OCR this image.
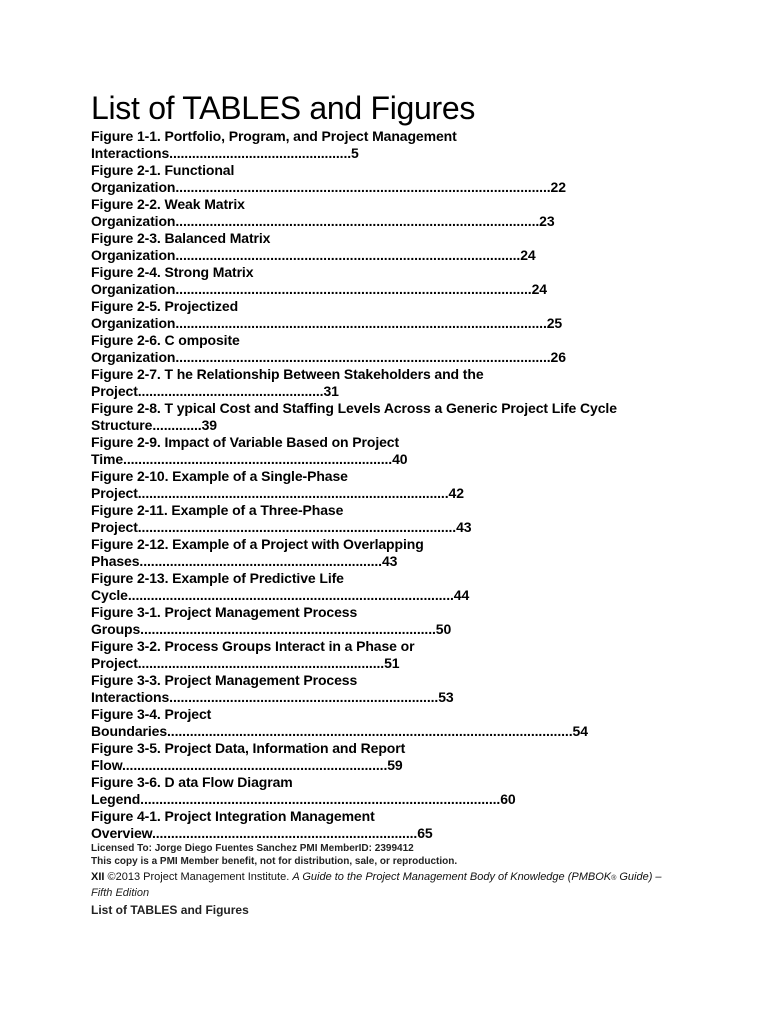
List of TABLES and Figures
Figure 1-1. Portfolio, Program, and Project Management
Interactions................................................5
Figure 2-1. Functional
Organization...................................................................................................22
Figure 2-2. Weak Matrix
Organization................................................................................................23
Figure 2-3. Balanced Matrix
Organization...........................................................................................24
Figure 2-4. Strong Matrix
Organization..............................................................................................24
Figure 2-5. Projectized
Organization..................................................................................................25
Figure 2-6. C omposite
Organization...................................................................................................26
Figure 2-7. T he Relationship Between Stakeholders and the
Project.................................................31
Figure 2-8. T ypical Cost and Staffing Levels Across a Generic Project Life Cycle
Structure.............39
Figure 2-9. Impact of Variable Based on Project
Time.......................................................................40
Figure 2-10. Example of a Single-Phase
Project..................................................................................42
Figure 2-11. Example of a Three-Phase
Project....................................................................................43
Figure 2-12. Example of a Project with Overlapping
Phases................................................................43
Figure 2-13. Example of Predictive Life
Cycle......................................................................................44
Figure 3-1. Project Management Process
Groups..............................................................................50
Figure 3-2. Process Groups Interact in a Phase or
Project.................................................................51
Figure 3-3. Project Management Process
Interactions.......................................................................53
Figure 3-4. Project
Boundaries...........................................................................................................54
Figure 3-5. Project Data, Information and Report
Flow......................................................................59
Figure 3-6. D ata Flow Diagram
Legend...............................................................................................60
Figure 4-1. Project Integration Management
Overview......................................................................65
Licensed To: Jorge Diego Fuentes Sanchez PMI MemberID: 2399412
This copy is a PMI Member benefit, not for distribution, sale, or reproduction.
XII ©2013 Project Management Institute. A Guide to the Project Management Body of Knowledge (PMBOK® Guide) –
Fifth Edition
List of TABLES and Figures
